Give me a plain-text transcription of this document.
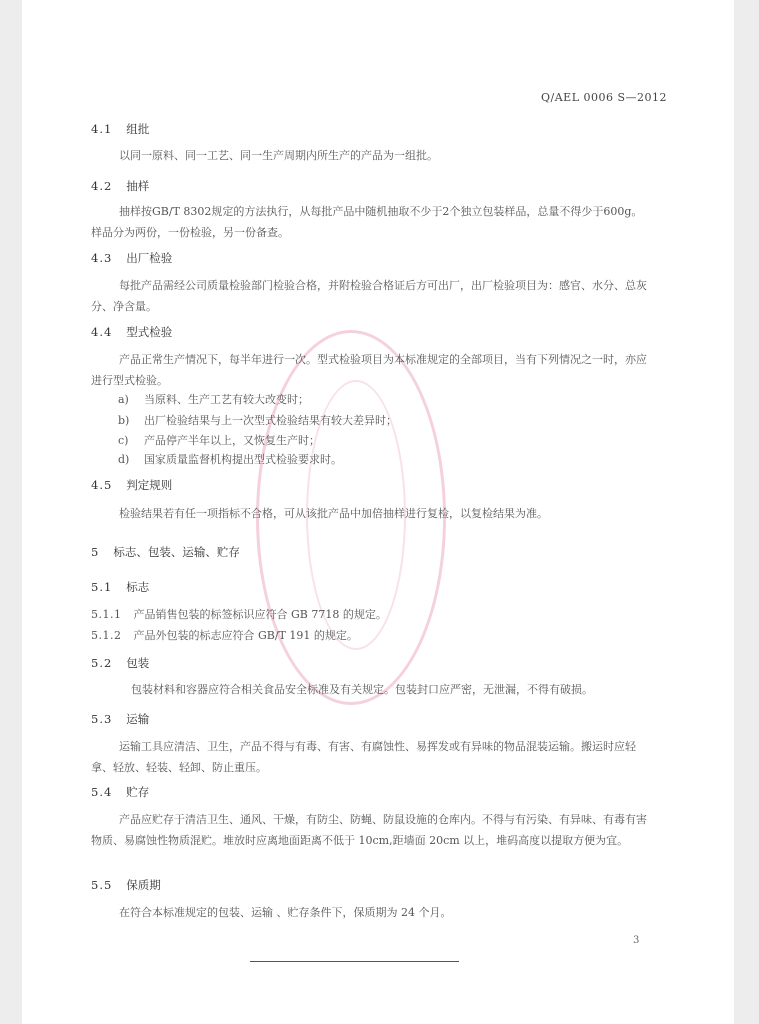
Q/AEL 0006 S—2012
4.1 组批
以同一原料、同一工艺、同一生产周期内所生产的产品为一组批。
4.2 抽样
抽样按GB/T 8302规定的方法执行，从每批产品中随机抽取不少于2个独立包装样品，总量不得少于600g。样品分为两份，一份检验，另一份备查。
4.3 出厂检验
每批产品需经公司质量检验部门检验合格，并附检验合格证后方可出厂，出厂检验项目为：感官、水分、总灰分、净含量。
4.4 型式检验
产品正常生产情况下，每半年进行一次。型式检验项目为本标准规定的全部项目，当有下列情况之一时，亦应进行型式检验。
a) 当原料、生产工艺有较大改变时；
b) 出厂检验结果与上一次型式检验结果有较大差异时；
c) 产品停产半年以上，又恢复生产时；
d) 国家质量监督机构提出型式检验要求时。
4.5 判定规则
检验结果若有任一项指标不合格，可从该批产品中加倍抽样进行复检，以复检结果为准。
5 标志、包装、运输、贮存
5.1 标志
5.1.1 产品销售包装的标签标识应符合 GB 7718 的规定。
5.1.2 产品外包装的标志应符合 GB/T 191 的规定。
5.2 包装
包装材料和容器应符合相关食品安全标准及有关规定。包装封口应严密，无泄漏，不得有破损。
5.3 运输
运输工具应清洁、卫生，产品不得与有毒、有害、有腐蚀性、易挥发或有异味的物品混装运输。搬运时应轻拿、轻放、轻装、轻卸、防止重压。
5.4 贮存
产品应贮存于清洁卫生、通风、干燥，有防尘、防蝇、防鼠设施的仓库内。不得与有污染、有异味、有毒有害物质、易腐蚀性物质混贮。堆放时应离地面距离不低于 10cm,距墙面 20cm 以上，堆码高度以提取方便为宜。
5.5 保质期
在符合本标准规定的包装、运输 、贮存条件下，保质期为 24 个月。
3
